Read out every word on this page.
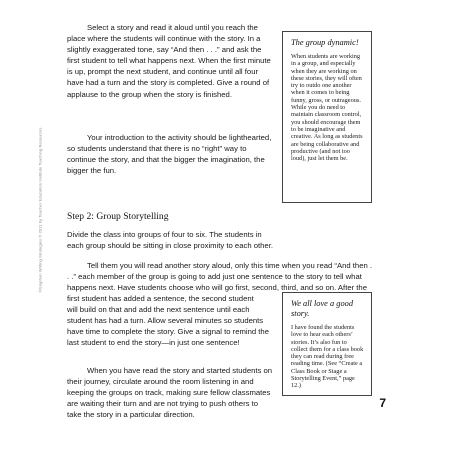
©Gryphon Writing Strategies © 2011 by Teacher Education Institute Teaching Resources

Select a story and read it aloud until you reach the place where the students will continue with the story. In a slightly exaggerated tone, say “And then . . .” and ask the first student to tell what happens next. When the first minute is up, prompt the next student, and continue until all four have had a turn and the story is completed. Give a round of applause to the group when the story is finished.

Your introduction to the activity should be lighthearted, so students understand that there is no “right” way to continue the story, and that the bigger the imagination, the bigger the fun.

The group dynamic!

When students are working in a group, and especially when they are working on these stories, they will often try to outdo one another when it comes to being funny, gross, or outrageous. While you do need to maintain classroom control, you should encourage them to be imaginative and creative. As long as students are being collaborative and productive (and not too loud), just let them be.

Step 2: Group Storytelling

Divide the class into groups of four to six. The students in each group should be sitting in close proximity to each other.

Tell them you will read another story aloud, only this time when you read “And then . . .” each member of the group is going to add just one sentence to the story to tell what happens next. Have students choose who will go first, second, third, and so on. After the first student has added a sentence, the second student

will build on that and add the next sentence until each student has had a turn. Allow several minutes so students have time to complete the story. Give a signal to remind the last student to end the story—in just one sentence!

When you have read the story and started students on their journey, circulate around the room listening in and keeping the groups on track, making sure fellow classmates are waiting their turn and are not trying to push others to take the story in a particular direction.

We all love a good story.

I have found the students love to hear each others’ stories. It’s also fun to collect them for a class book they can read during free reading time. (See “Create a Class Book or Stage a Storytelling Event,” page 12.)

7
